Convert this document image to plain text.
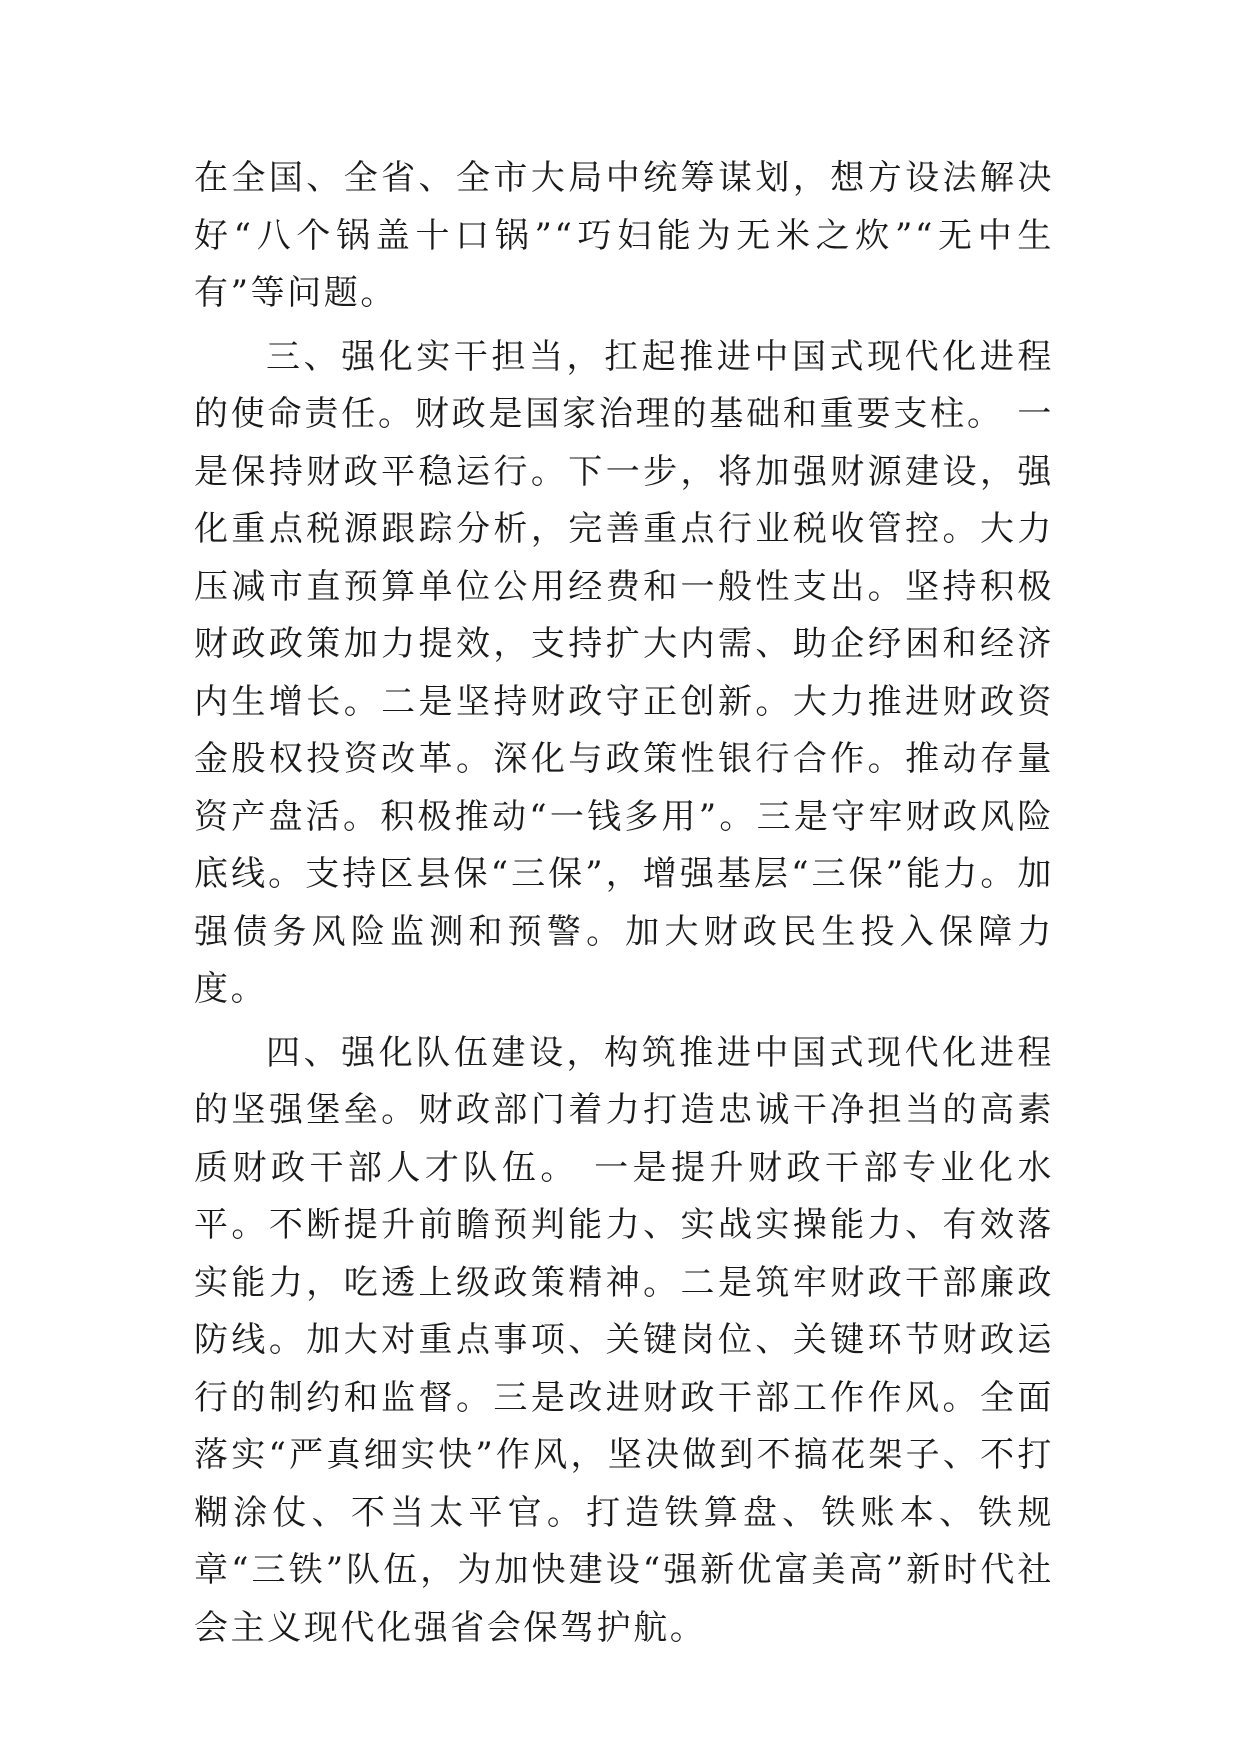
在全国、全省、全市大局中统筹谋划，想方设法解决好“八个锅盖十口锅”“巧妇能为无米之炊”“无中生有”等问题。

三、强化实干担当，扛起推进中国式现代化进程的使命责任。财政是国家治理的基础和重要支柱。 一是保持财政平稳运行。下一步，将加强财源建设，强化重点税源跟踪分析，完善重点行业税收管控。大力压减市直预算单位公用经费和一般性支出。坚持积极财政政策加力提效，支持扩大内需、助企纾困和经济内生增长。二是坚持财政守正创新。大力推进财政资金股权投资改革。深化与政策性银行合作。推动存量资产盘活。积极推动“一钱多用”。三是守牢财政风险底线。支持区县保“三保”，增强基层“三保”能力。加强债务风险监测和预警。加大财政民生投入保障力度。

四、强化队伍建设，构筑推进中国式现代化进程的坚强堡垒。财政部门着力打造忠诚干净担当的高素质财政干部人才队伍。 一是提升财政干部专业化水平。不断提升前瞻预判能力、实战实操能力、有效落实能力，吃透上级政策精神。二是筑牢财政干部廉政防线。加大对重点事项、关键岗位、关键环节财政运行的制约和监督。三是改进财政干部工作作风。全面落实“严真细实快”作风，坚决做到不搞花架子、不打糊涂仗、不当太平官。打造铁算盘、铁账本、铁规章“三铁”队伍，为加快建设“强新优富美高”新时代社会主义现代化强省会保驾护航。
